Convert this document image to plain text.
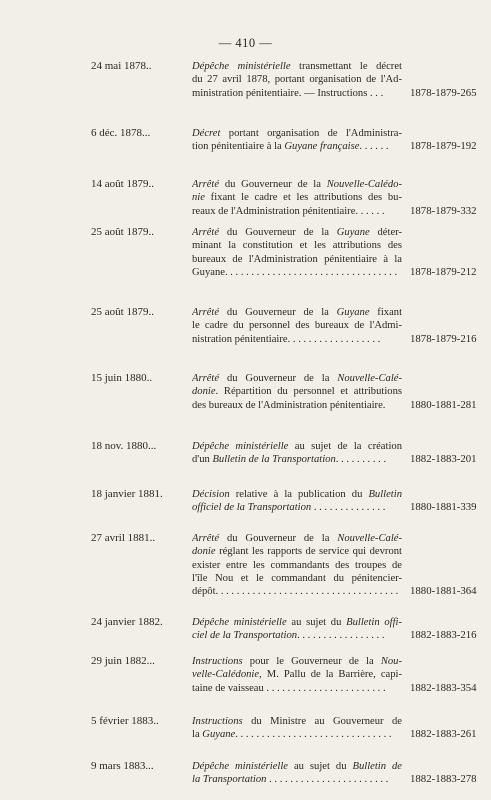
— 410 —
24 mai 1878..	Dépêche ministérielle transmettant le décret
du 27 avril 1878, portant organisation de l'Ad-
ministration pénitentiaire. — Instructions . . .	1878-1879-265
6 déc. 1878...	Décret portant organisation de l'Administra-
tion pénitentiaire à la Guyane française. . . . . .	1878-1879-192
14 août 1879..	Arrêté du Gouverneur de la Nouvelle-Calédo-
nie fixant le cadre et les attributions des bu-
reaux de l'Administration pénitentiaire. . . . . .	1878-1879-332
25 août 1879..	Arrêté du Gouverneur de la Guyane déter-
minant la constitution et les attributions des
bureaux de l'Administration pénitentiaire à la
Guyane. . . . . . . . . . . . . . . . . . . . . . . . . . . . . . . . .	1878-1879-212
25 août 1879..	Arrêté du Gouverneur de la Guyane fixant
le cadre du personnel des bureaux de l'Admi-
nistration pénitentiaire. . . . . . . . . . . . . . . . . .	1878-1879-216
15 juin 1880..	Arrêté du Gouverneur de la Nouvelle-Calé-
donie. Répartition du personnel et attributions
des bureaux de l'Administration pénitentiaire.	1880-1881-281
18 nov. 1880...	Dépêche ministérielle au sujet de la création
d'un Bulletin de la Transportation. . . . . . . . . .	1882-1883-201
18 janvier 1881.	Décision relative à la publication du Bulletin
officiel de la Transportation . . . . . . . . . . . . . .	1880-1881-339
27 avril 1881..	Arrêté du Gouverneur de la Nouvelle-Calé-
donie réglant les rapports de service qui devront
exister entre les commandants des troupes de
l'île Nou et le commandant du pénitencier-
dépôt. . . . . . . . . . . . . . . . . . . . . . . . . . . . . . . . . . .	1880-1881-364
24 janvier 1882.	Dépêche ministérielle au sujet du Bulletin offi-
ciel de la Transportation. . . . . . . . . . . . . . . . .	1882-1883-216
29 juin 1882...	Instructions pour le Gouverneur de la Nou-
velle-Calédonie, M. Pallu de la Barrière, capi-
taine de vaisseau . . . . . . . . . . . . . . . . . . . . . . .	1882-1883-354
5 février 1883..	Instructions du Ministre au Gouverneur de
la Guyane. . . . . . . . . . . . . . . . . . . . . . . . . . . . . .	1882-1883-261
9 mars 1883...	Dépêche ministérielle au sujet du Bulletin de
la Transportation . . . . . . . . . . . . . . . . . . . . . . .	1882-1883-278
